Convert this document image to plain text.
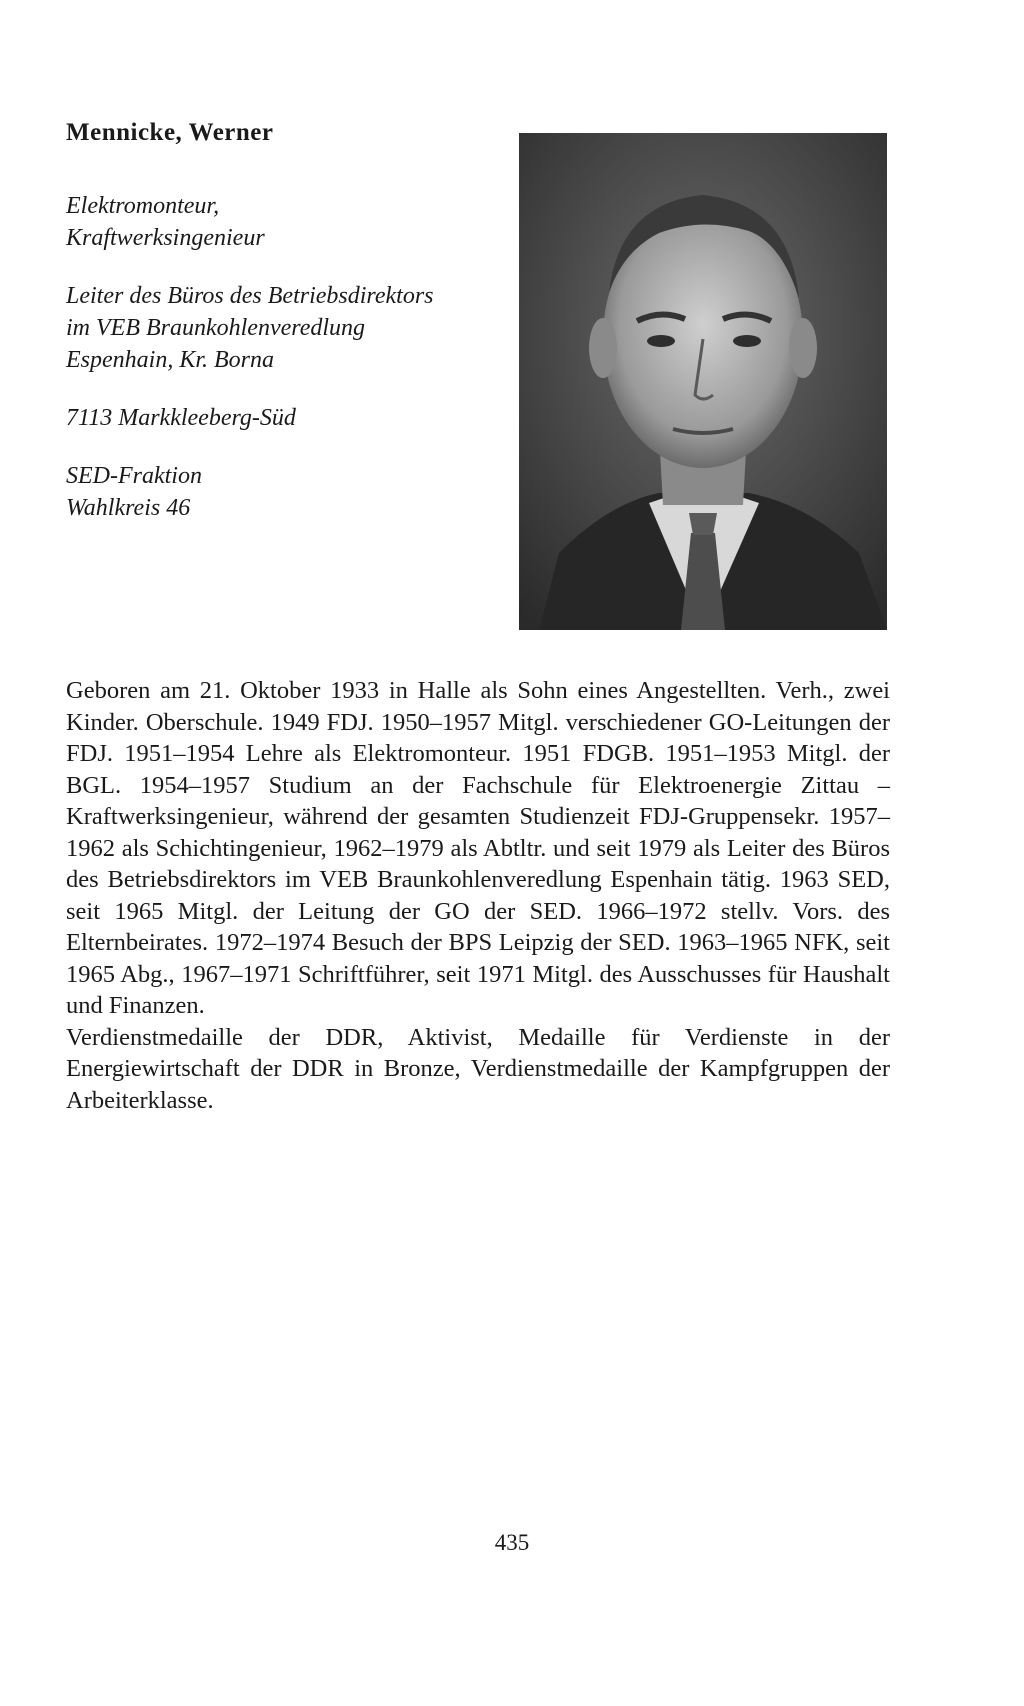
Mennicke, Werner
Elektromonteur,
Kraftwerksingenieur
Leiter des Büros des Betriebsdirektors
im VEB Braunkohlenveredlung
Espenhain, Kr. Borna
7113 Markkleeberg-Süd
SED-Fraktion
Wahlkreis 46

Geboren am 21. Oktober 1933 in Halle als Sohn eines Angestellten. Verh., zwei Kinder. Oberschule. 1949 FDJ. 1950–1957 Mitgl. verschiedener GO-Leitungen der FDJ. 1951–1954 Lehre als Elektromonteur. 1951 FDGB. 1951–1953 Mitgl. der BGL. 1954–1957 Studium an der Fachschule für Elektroenergie Zittau – Kraftwerksingenieur, während der gesamten Studienzeit FDJ-Gruppensekr. 1957–1962 als Schichtingenieur, 1962–1979 als Abtltr. und seit 1979 als Leiter des Büros des Betriebsdirektors im VEB Braunkohlenveredlung Espenhain tätig. 1963 SED, seit 1965 Mitgl. der Leitung der GO der SED. 1966–1972 stellv. Vors. des Elternbeirates. 1972–1974 Besuch der BPS Leipzig der SED. 1963–1965 NFK, seit 1965 Abg., 1967–1971 Schriftführer, seit 1971 Mitgl. des Ausschusses für Haushalt und Finanzen.

Verdienstmedaille der DDR, Aktivist, Medaille für Verdienste in der Energiewirtschaft der DDR in Bronze, Verdienstmedaille der Kampfgruppen der Arbeiterklasse.

435
